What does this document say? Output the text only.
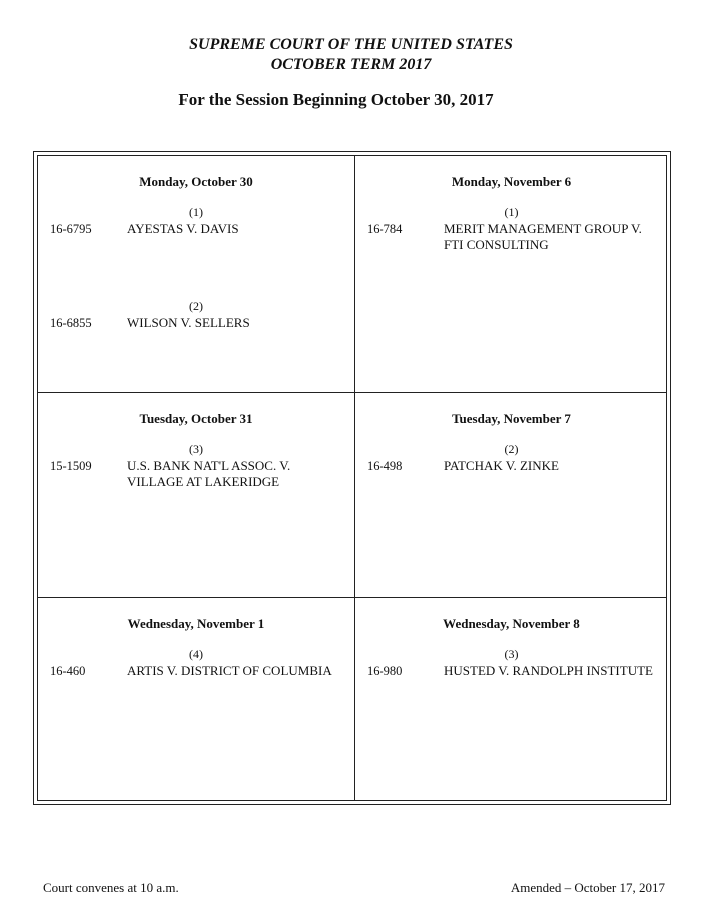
SUPREME COURT OF THE UNITED STATES
OCTOBER TERM 2017
For the Session Beginning October 30, 2017
Monday, October 30
(1)
16-6795	AYESTAS V. DAVIS
(2)
16-6855	WILSON V. SELLERS
Monday, November 6
(1)
16-784	MERIT MANAGEMENT GROUP V. FTI CONSULTING
Tuesday, October 31
(3)
15-1509	U.S. BANK NAT'L ASSOC. V. VILLAGE AT LAKERIDGE
Tuesday, November 7
(2)
16-498	PATCHAK V. ZINKE
Wednesday, November 1
(4)
16-460	ARTIS V. DISTRICT OF COLUMBIA
Wednesday, November 8
(3)
16-980	HUSTED V. RANDOLPH INSTITUTE
Court convenes at 10 a.m.	Amended – October 17, 2017
